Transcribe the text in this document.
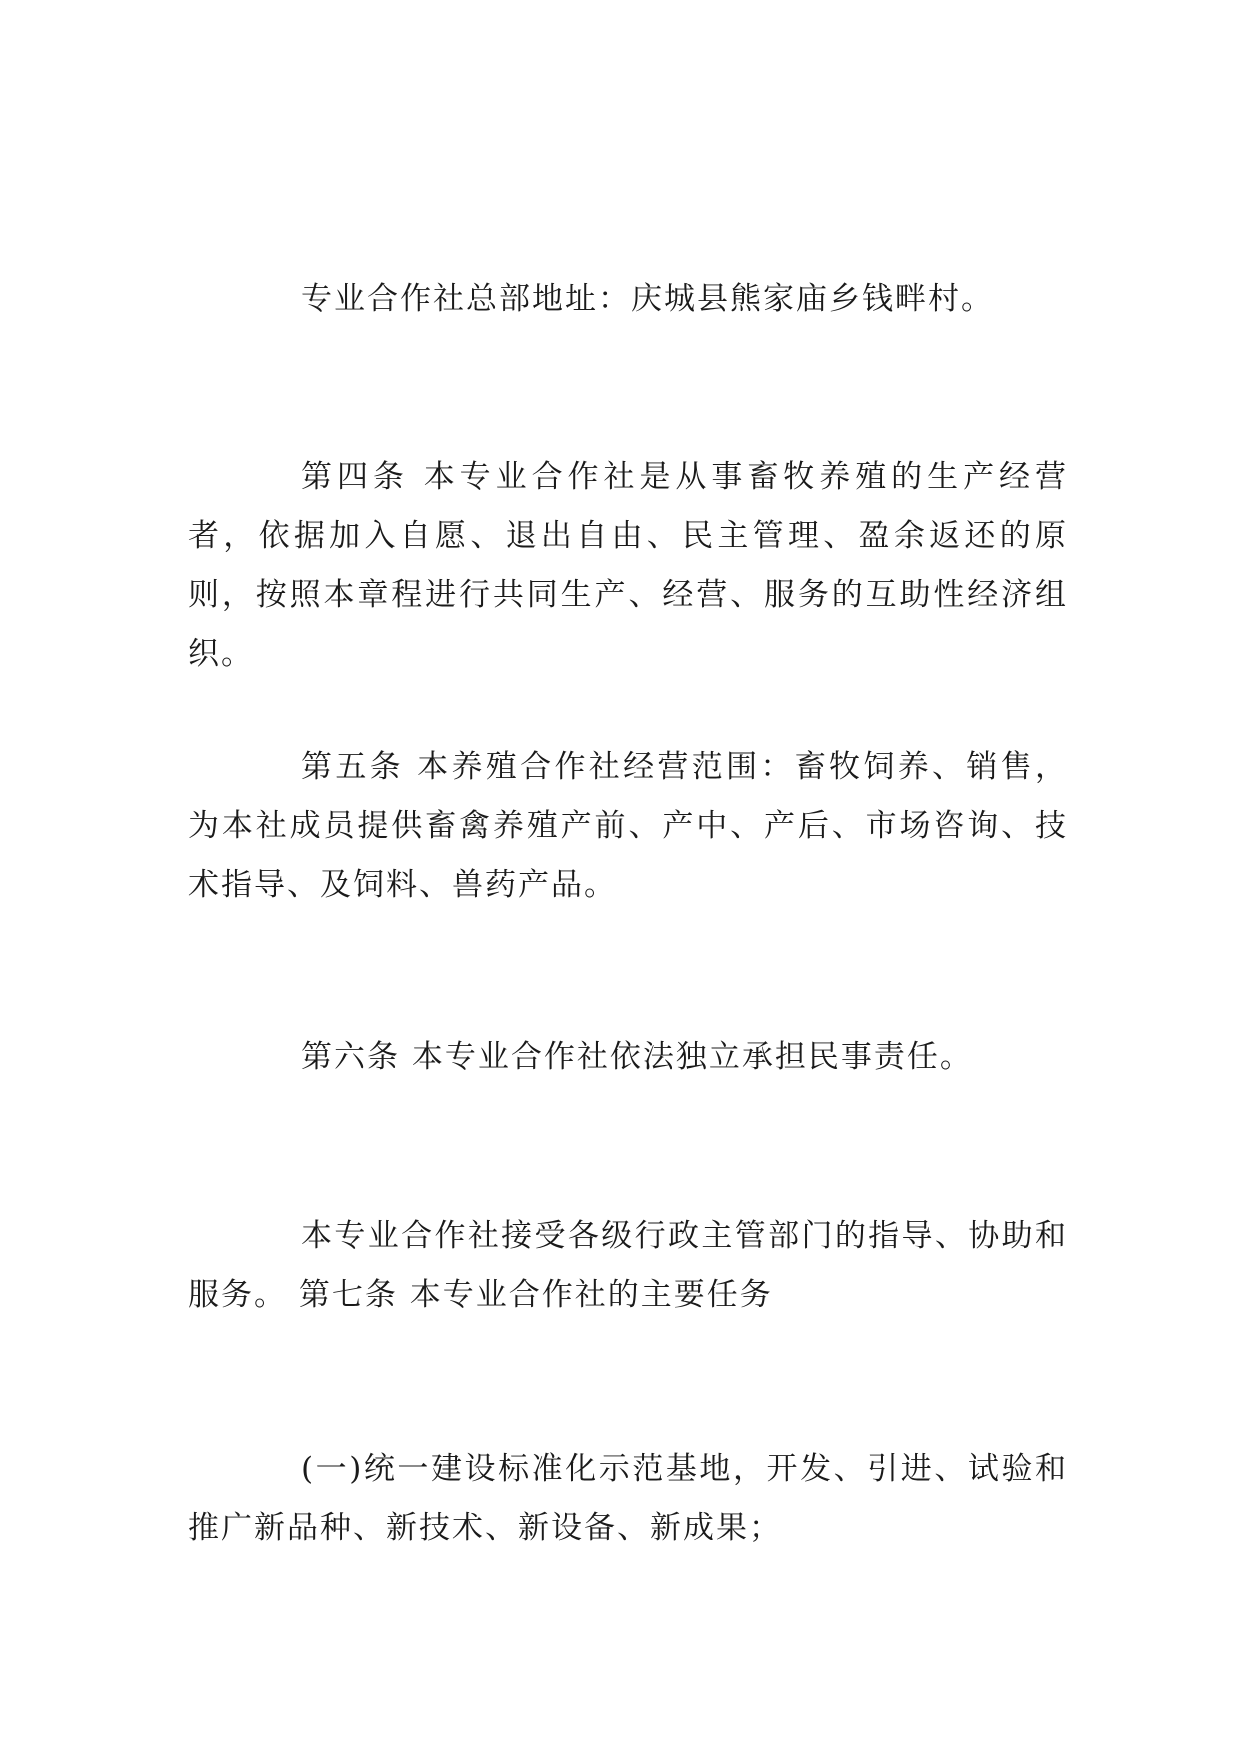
专业合作社总部地址：庆城县熊家庙乡钱畔村。

第四条 本专业合作社是从事畜牧养殖的生产经营者，依据加入自愿、退出自由、民主管理、盈余返还的原则，按照本章程进行共同生产、经营、服务的互助性经济组织。

第五条 本养殖合作社经营范围：畜牧饲养、销售，为本社成员提供畜禽养殖产前、产中、产后、市场咨询、技术指导、及饲料、兽药产品。

第六条 本专业合作社依法独立承担民事责任。

本专业合作社接受各级行政主管部门的指导、协助和服务。 第七条 本专业合作社的主要任务

(一)统一建设标准化示范基地，开发、引进、试验和推广新品种、新技术、新设备、新成果；
